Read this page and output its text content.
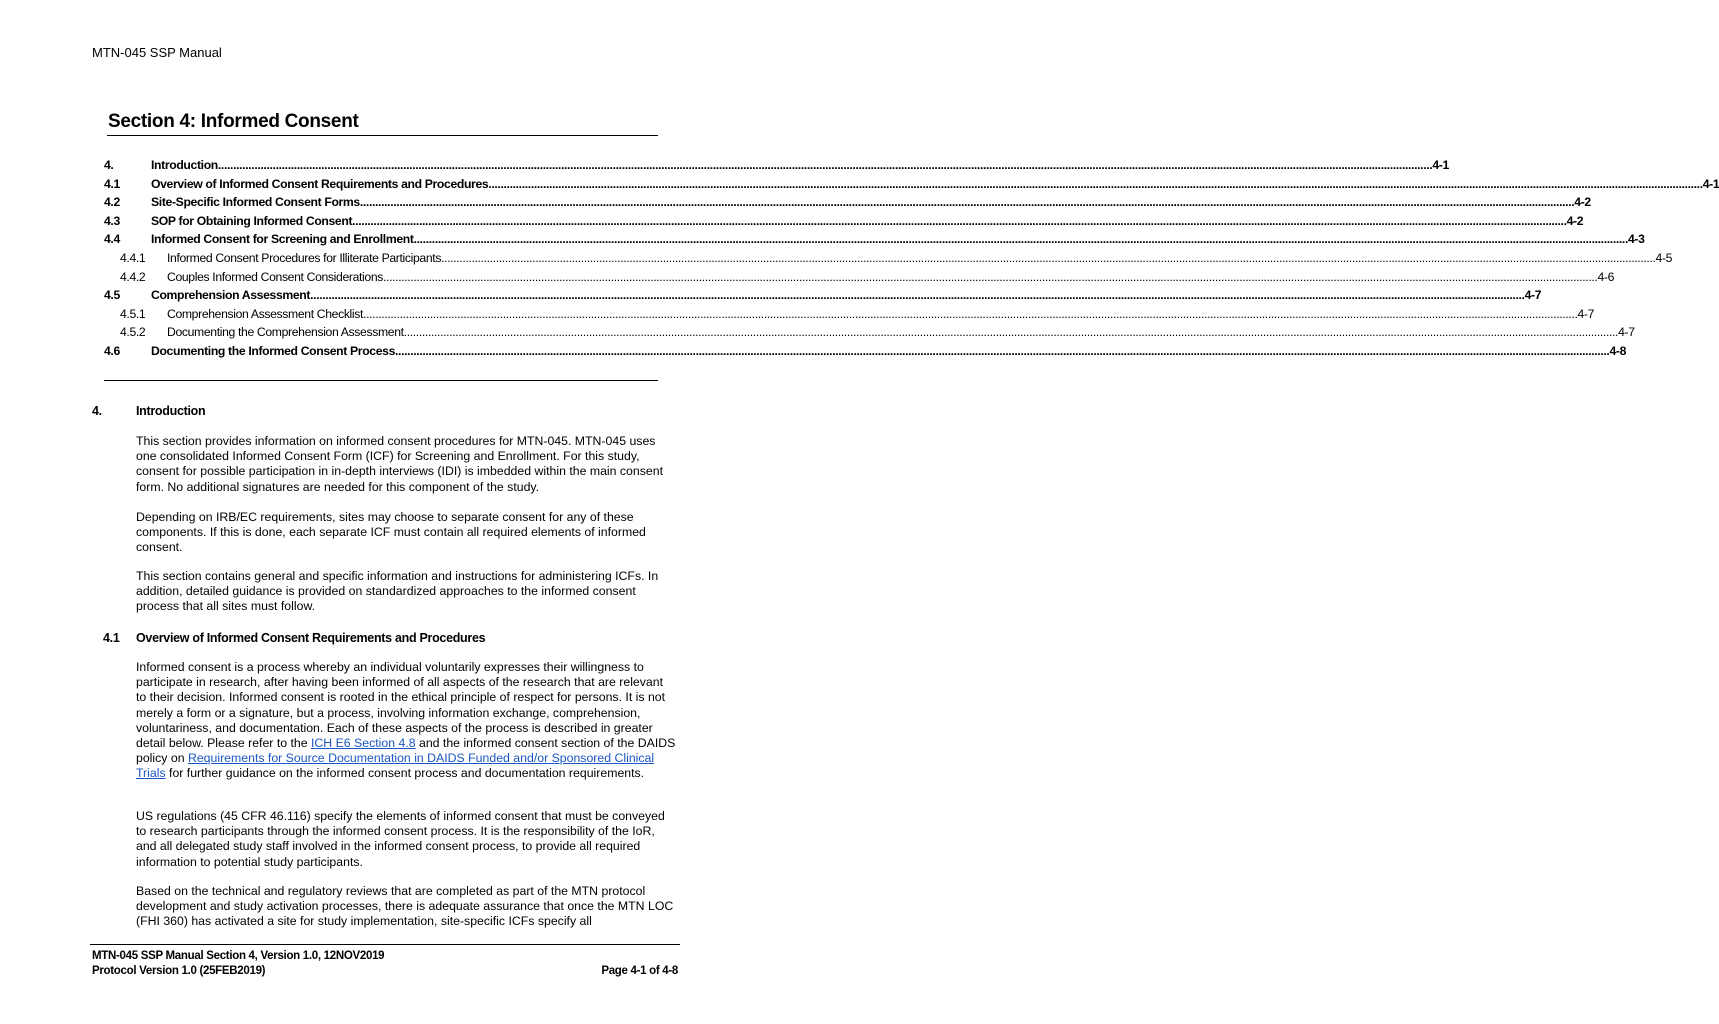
MTN-045 SSP Manual
Section 4: Informed Consent
4.	Introduction ................................................................................................................................................................................................................................................................................................................................................................................................................ 4-1
4.1	Overview of Informed Consent Requirements and Procedures ................................................................................................................................................................................................................................................................................................................................................................................................................ 4-1
4.2	Site-Specific Informed Consent Forms ................................................................................................................................................................................................................................................................................................................................................................................................................ 4-2
4.3	SOP for Obtaining Informed Consent ................................................................................................................................................................................................................................................................................................................................................................................................................ 4-2
4.4	Informed Consent for Screening and Enrollment ................................................................................................................................................................................................................................................................................................................................................................................................................ 4-3
4.4.1	Informed Consent Procedures for Illiterate Participants ................................................................................................................................................................................................................................................................................................................................................................................................................ 4-5
4.4.2	Couples Informed Consent Considerations ................................................................................................................................................................................................................................................................................................................................................................................................................ 4-6
4.5	Comprehension Assessment ................................................................................................................................................................................................................................................................................................................................................................................................................ 4-7
4.5.1	Comprehension Assessment Checklist ................................................................................................................................................................................................................................................................................................................................................................................................................ 4-7
4.5.2	Documenting the Comprehension Assessment ................................................................................................................................................................................................................................................................................................................................................................................................................ 4-7
4.6	Documenting the Informed Consent Process ................................................................................................................................................................................................................................................................................................................................................................................................................ 4-8
4.	Introduction
This section provides information on informed consent procedures for MTN-045. MTN-045 uses one consolidated Informed Consent Form (ICF) for Screening and Enrollment. For this study, consent for possible participation in in-depth interviews (IDI) is imbedded within the main consent form. No additional signatures are needed for this component of the study.
Depending on IRB/EC requirements, sites may choose to separate consent for any of these components. If this is done, each separate ICF must contain all required elements of informed consent.
This section contains general and specific information and instructions for administering ICFs. In addition, detailed guidance is provided on standardized approaches to the informed consent process that all sites must follow.
4.1 Overview of Informed Consent Requirements and Procedures
Informed consent is a process whereby an individual voluntarily expresses their willingness to participate in research, after having been informed of all aspects of the research that are relevant to their decision. Informed consent is rooted in the ethical principle of respect for persons. It is not merely a form or a signature, but a process, involving information exchange, comprehension, voluntariness, and documentation. Each of these aspects of the process is described in greater detail below. Please refer to the ICH E6 Section 4.8 and the informed consent section of the DAIDS policy on Requirements for Source Documentation in DAIDS Funded and/or Sponsored Clinical Trials for further guidance on the informed consent process and documentation requirements.
US regulations (45 CFR 46.116) specify the elements of informed consent that must be conveyed to research participants through the informed consent process. It is the responsibility of the IoR, and all delegated study staff involved in the informed consent process, to provide all required information to potential study participants.
Based on the technical and regulatory reviews that are completed as part of the MTN protocol development and study activation processes, there is adequate assurance that once the MTN LOC (FHI 360) has activated a site for study implementation, site-specific ICFs specify all
MTN-045 SSP Manual Section 4, Version 1.0, 12NOV2019
Protocol Version 1.0 (25FEB2019)	Page 4-1 of 4-8
